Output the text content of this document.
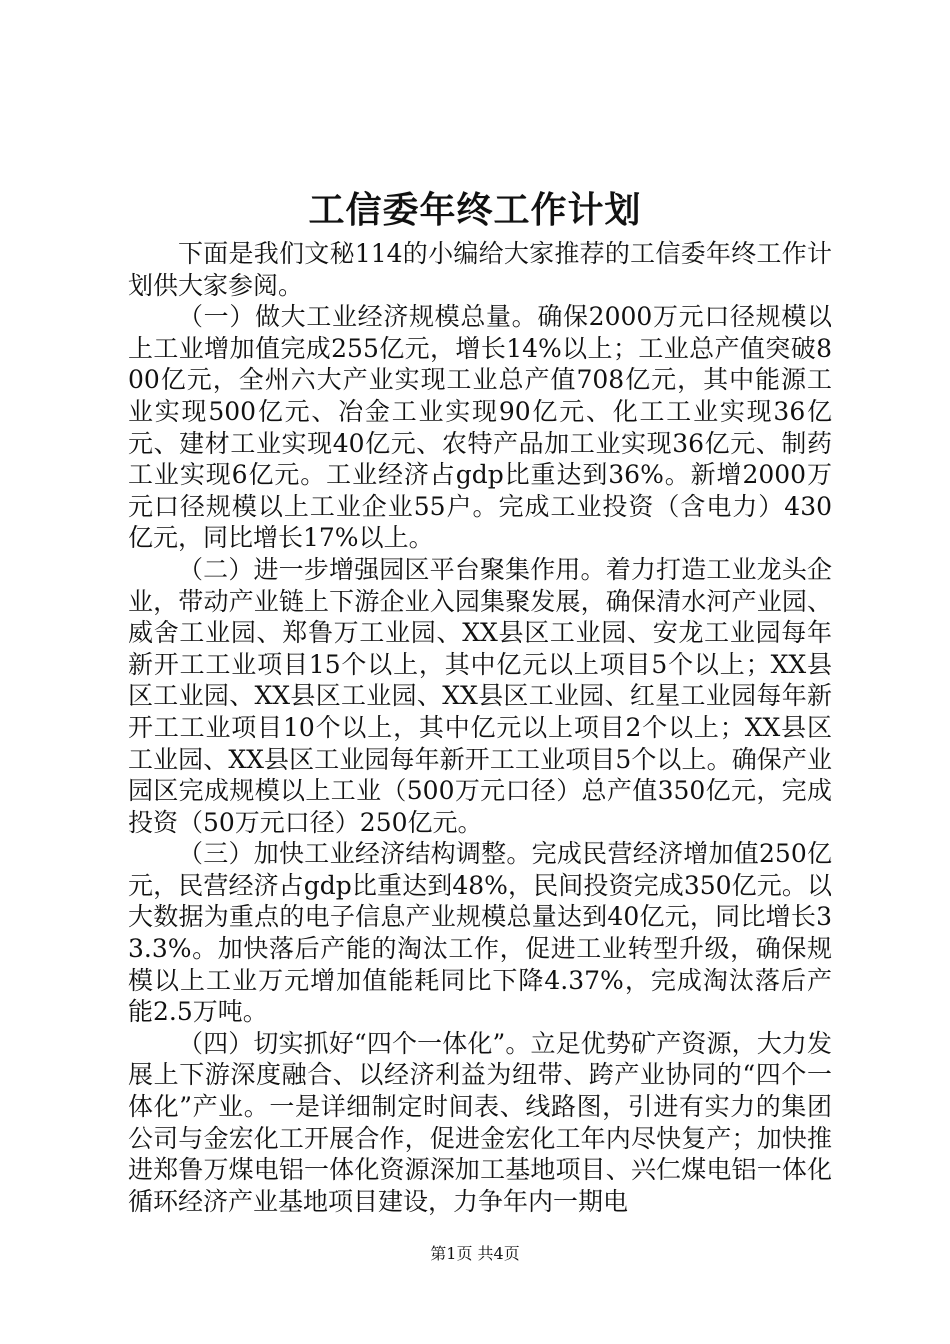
工信委年终工作计划

下面是我们文秘114的小编给大家推荐的工信委年终工作计划供大家参阅。

（一）做大工业经济规模总量。确保2000万元口径规模以上工业增加值完成255亿元，增长14%以上；工业总产值突破800亿元，全州六大产业实现工业总产值708亿元，其中能源工业实现500亿元、冶金工业实现90亿元、化工工业实现36亿元、建材工业实现40亿元、农特产品加工业实现36亿元、制药工业实现6亿元。工业经济占gdp比重达到36%。新增2000万元口径规模以上工业企业55户。完成工业投资（含电力）430亿元，同比增长17%以上。

（二）进一步增强园区平台聚集作用。着力打造工业龙头企业，带动产业链上下游企业入园集聚发展，确保清水河产业园、威舍工业园、郑鲁万工业园、XX县区工业园、安龙工业园每年新开工工业项目15个以上，其中亿元以上项目5个以上；XX县区工业园、XX县区工业园、XX县区工业园、红星工业园每年新开工工业项目10个以上，其中亿元以上项目2个以上；XX县区工业园、XX县区工业园每年新开工工业项目5个以上。确保产业园区完成规模以上工业（500万元口径）总产值350亿元，完成投资（50万元口径）250亿元。

（三）加快工业经济结构调整。完成民营经济增加值250亿元，民营经济占gdp比重达到48%，民间投资完成350亿元。以大数据为重点的电子信息产业规模总量达到40亿元，同比增长33.3%。加快落后产能的淘汰工作，促进工业转型升级，确保规模以上工业万元增加值能耗同比下降4.37%，完成淘汰落后产能2.5万吨。

（四）切实抓好“四个一体化”。立足优势矿产资源，大力发展上下游深度融合、以经济利益为纽带、跨产业协同的“四个一体化”产业。一是详细制定时间表、线路图，引进有实力的集团公司与金宏化工开展合作，促进金宏化工年内尽快复产；加快推进郑鲁万煤电铝一体化资源深加工基地项目、兴仁煤电铝一体化循环经济产业基地项目建设，力争年内一期电

第1页 共4页
